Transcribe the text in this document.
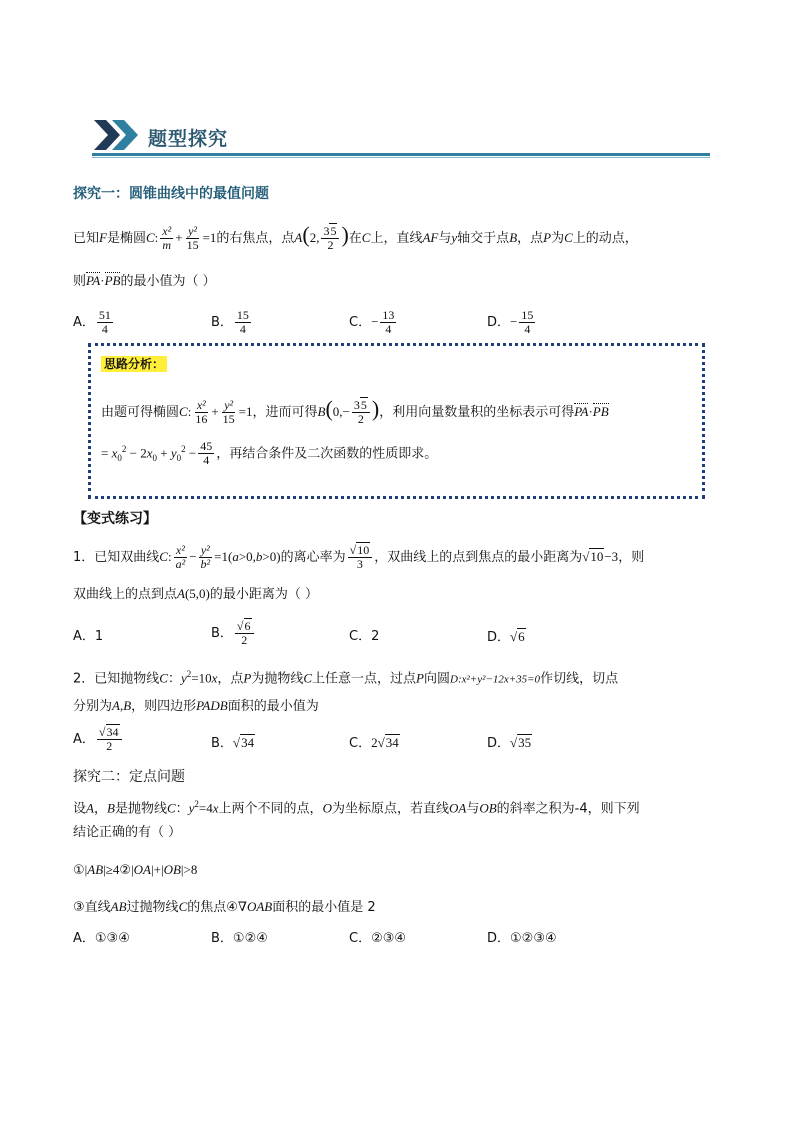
题型探究
探究一：圆锥曲线中的最值问题
已知F是椭圆C: $\frac{\text{x²}}{m} + \frac{\text{y²}}{15} =1$的右焦点，点A(2, $\frac{35}{2}$ )在C上，直线AF与y轴交于点B，点P为C上的动点，
则PA·PB的最小值为（ ）
A． $\frac{51}{4}$	B． $\frac{15}{4}$	C．− $\frac{13}{4}$	D．− $\frac{15}{4}$
思路分析：
由题可得椭圆C: $\frac{\text{x²}}{16} + \frac{\text{y²}}{15} =1$，进而可得$B(0,- \frac{35}{2}$ )，利用向量数量积的坐标表示可得PA·PB
= $x_0^2 - 2x_0 + y_0^2 - \frac{45}{4}$ ，再结合条件及二次函数的性质即求。
【变式练习】
1．已知双曲线C: $\frac{\text{x²}}{\text{a²}} - \frac{\text{y²}}{\text{b²}} =1(a>0,b>0)$的离心率为 $\frac{√10}{3}$ ，双曲线上的点到焦点的最小距离为√10−3，则
双曲线上的点到点A(5,0)的最小距离为（ ）
A．1	B． $\frac{√6}{2}$	C．2	D．√6
2．已知抛物线C：$y^2=10x$，点P为抛物线C上任意一点，过点P向圆D:x²+y²−12x+35=0作切线，切点
分别为A,B，则四边形PADB面积的最小值为
A． $\frac{√34}{2}$	B．√34	C．2√34	D．√35
探究二：定点问题
设A，B是抛物线C：$y^2=4x$上两个不同的点，O为坐标原点，若直线OA与OB的斜率之积为-4，则下列
结论正确的有（ ）
①|AB|≥4②|OA|+|OB|>8
③直线AB过抛物线C的焦点④∇OAB面积的最小值是 2
A．①③④	B．①②④	C．②③④	D．①②③④
